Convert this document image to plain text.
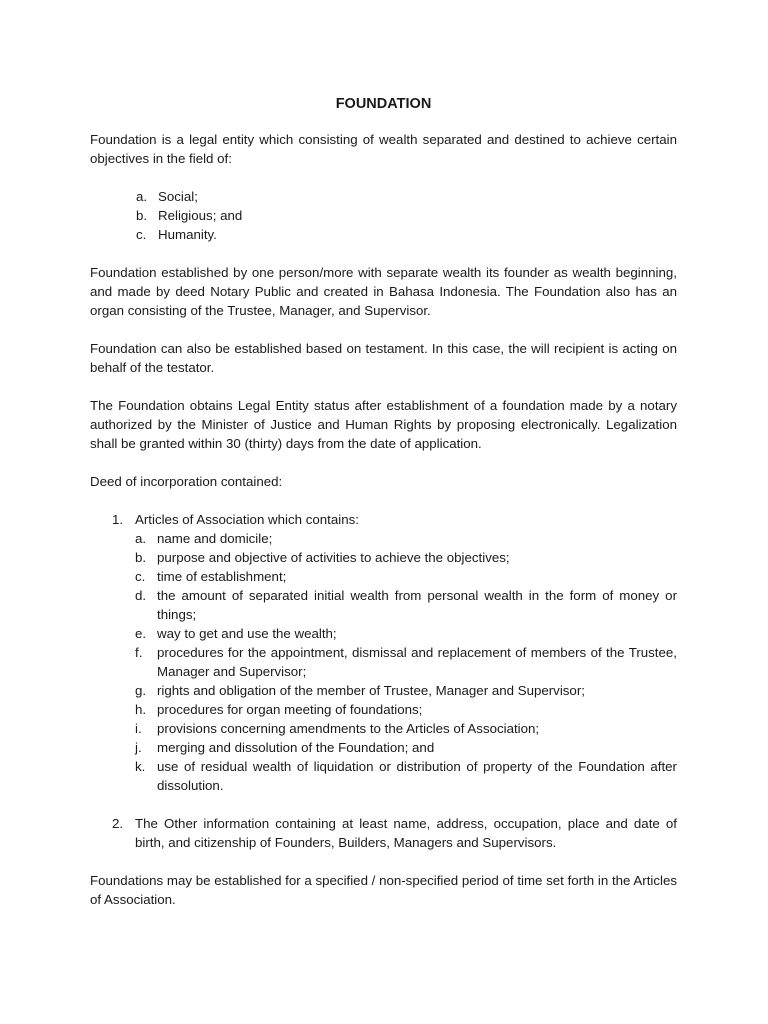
FOUNDATION

Foundation is a legal entity which consisting of wealth separated and destined to achieve certain objectives in the field of:

a. Social;
b. Religious; and
c. Humanity.

Foundation established by one person/more with separate wealth its founder as wealth beginning, and made by deed Notary Public and created in Bahasa Indonesia. The Foundation also has an organ consisting of the Trustee, Manager, and Supervisor.

Foundation can also be established based on testament. In this case, the will recipient is acting on behalf of the testator.

The Foundation obtains Legal Entity status after establishment of a foundation made by a notary authorized by the Minister of Justice and Human Rights by proposing electronically. Legalization shall be granted within 30 (thirty) days from the date of application.

Deed of incorporation contained:

1. Articles of Association which contains:
a. name and domicile;
b. purpose and objective of activities to achieve the objectives;
c. time of establishment;
d. the amount of separated initial wealth from personal wealth in the form of money or things;
e. way to get and use the wealth;
f. procedures for the appointment, dismissal and replacement of members of the Trustee, Manager and Supervisor;
g. rights and obligation of the member of Trustee, Manager and Supervisor;
h. procedures for organ meeting of foundations;
i. provisions concerning amendments to the Articles of Association;
j. merging and dissolution of the Foundation; and
k. use of residual wealth of liquidation or distribution of property of the Foundation after dissolution.
2. The Other information containing at least name, address, occupation, place and date of birth, and citizenship of Founders, Builders, Managers and Supervisors.

Foundations may be established for a specified / non-specified period of time set forth in the Articles of Association.
